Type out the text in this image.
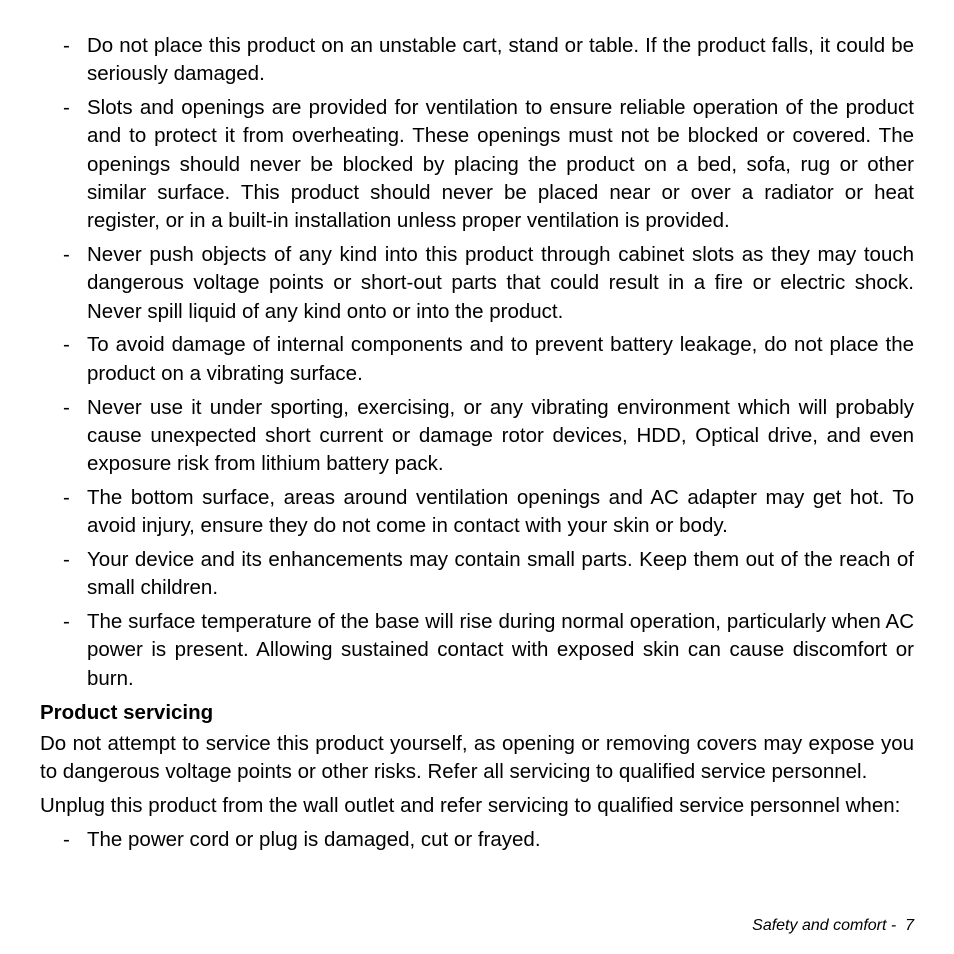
- Do not place this product on an unstable cart, stand or table. If the product falls, it could be seriously damaged.
- Slots and openings are provided for ventilation to ensure reliable operation of the product and to protect it from overheating. These openings must not be blocked or covered. The openings should never be blocked by placing the product on a bed, sofa, rug or other similar surface. This product should never be placed near or over a radiator or heat register, or in a built-in installation unless proper ventilation is provided.
- Never push objects of any kind into this product through cabinet slots as they may touch dangerous voltage points or short-out parts that could result in a fire or electric shock. Never spill liquid of any kind onto or into the product.
- To avoid damage of internal components and to prevent battery leakage, do not place the product on a vibrating surface.
- Never use it under sporting, exercising, or any vibrating environment which will probably cause unexpected short current or damage rotor devices, HDD, Optical drive, and even exposure risk from lithium battery pack.
- The bottom surface, areas around ventilation openings and AC adapter may get hot. To avoid injury, ensure they do not come in contact with your skin or body.
- Your device and its enhancements may contain small parts. Keep them out of the reach of small children.
- The surface temperature of the base will rise during normal operation, particularly when AC power is present. Allowing sustained contact with exposed skin can cause discomfort or burn.
Product servicing

Do not attempt to service this product yourself, as opening or removing covers may expose you to dangerous voltage points or other risks. Refer all servicing to qualified service personnel.

Unplug this product from the wall outlet and refer servicing to qualified service personnel when:

- The power cord or plug is damaged, cut or frayed.
Safety and comfort -  7
